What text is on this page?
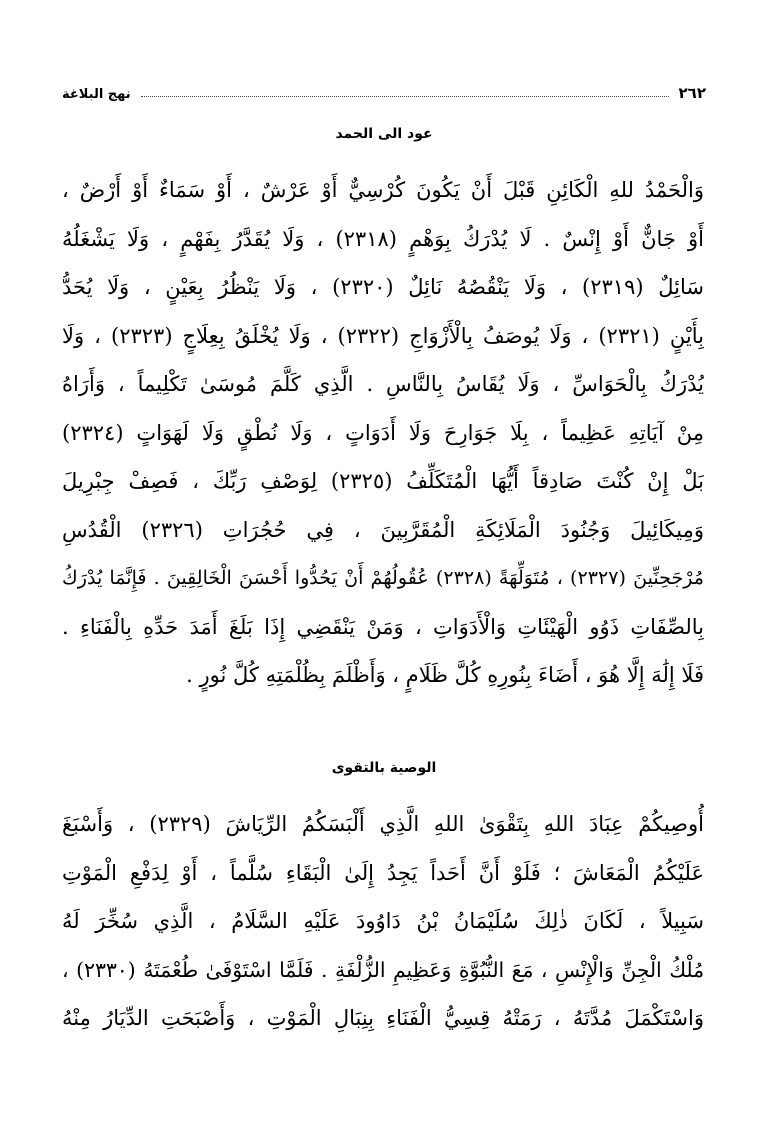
٢٦٢
نهج البلاغة
عود الى الحمد
وَالْحَمْدُ للهِ الْكَائِنِ قَبْلَ أَنْ يَكُونَ كُرْسِيٌّ أَوْ عَرْشٌ ، أَوْ سَمَاءٌ أَوْ أَرْضٌ ،
أَوْ جَانٌّ أَوْ إِنْسٌ . لَا يُدْرَكُ بِوَهْمٍ (٢٣١٨) ، وَلَا يُقَدَّرُ بِفَهْمٍ ، وَلَا يَشْغَلُهُ
سَائِلٌ (٢٣١٩) ، وَلَا يَنْقُصُهُ نَائِلٌ (٢٣٢٠) ، وَلَا يَنْظُرُ بِعَيْنٍ ، وَلَا يُحَدُّ
بِأَيْنٍ (٢٣٢١) ، وَلَا يُوصَفُ بِالْأَزْوَاجِ (٢٣٢٢) ، وَلَا يُخْلَقُ بِعِلَاجٍ (٢٣٢٣) ، وَلَا
يُدْرَكُ بِالْحَوَاسِّ ، وَلَا يُقَاسُ بِالنَّاسِ . الَّذِي كَلَّمَ مُوسَىٰ تَكْلِيماً ، وَأَرَاهُ
مِنْ آيَاتِهِ عَظِيماً ، بِلَا جَوَارِحَ وَلَا أَدَوَاتٍ ، وَلَا نُطْقٍ وَلَا لَهَوَاتٍ (٢٣٢٤)
بَلْ إِنْ كُنْتَ صَادِقاً أَيُّهَا الْمُتَكَلِّفُ (٢٣٢٥) لِوَصْفِ رَبِّكَ ، فَصِفْ جِبْرِيلَ
وَمِيكَائِيلَ وَجُنُودَ الْمَلَائِكَةِ الْمُقَرَّبِينَ ، فِي حُجُرَاتِ (٢٣٢٦) الْقُدُسِ
مُرْجَحِنِّينَ (٢٣٢٧) ، مُتَوَلِّهَةً (٢٣٢٨) عُقُولُهُمْ أَنْ يَحُدُّوا أَحْسَنَ الْخَالِقِينَ . فَإِنَّمَا يُدْرَكُ
بِالصِّفَاتِ ذَوُو الْهَيْئَاتِ وَالْأَدَوَاتِ ، وَمَنْ يَنْقَضِي إِذَا بَلَغَ أَمَدَ حَدِّهِ بِالْفَنَاءِ .
فَلَا إِلَٰهَ إِلَّا هُوَ ، أَضَاءَ بِنُورِهِ كُلَّ ظَلَامٍ ، وَأَظْلَمَ بِظُلْمَتِهِ كُلَّ نُورٍ .
الوصية بالتقوى
أُوصِيكُمْ عِبَادَ اللهِ بِتَقْوَىٰ اللهِ الَّذِي أَلْبَسَكُمُ الرِّيَاشَ (٢٣٢٩) ، وَأَسْبَغَ
عَلَيْكُمُ الْمَعَاشَ ؛ فَلَوْ أَنَّ أَحَداً يَجِدُ إِلَىٰ الْبَقَاءِ سُلَّماً ، أَوْ لِدَفْعِ الْمَوْتِ
سَبِيلاً ، لَكَانَ ذٰلِكَ سُلَيْمَانُ بْنُ دَاوُودَ عَلَيْهِ السَّلَامُ ، الَّذِي سُخِّرَ لَهُ
مُلْكُ الْجِنِّ وَالْإِنْسِ ، مَعَ النُّبُوَّةِ وَعَظِيمِ الزُّلْفَةِ . فَلَمَّا اسْتَوْفَىٰ طُعْمَتَهُ (٢٣٣٠) ،
وَاسْتَكْمَلَ مُدَّتَهُ ، رَمَتْهُ قِسِيُّ الْفَنَاءِ بِنِبَالِ الْمَوْتِ ، وَأَصْبَحَتِ الدِّيَارُ مِنْهُ
